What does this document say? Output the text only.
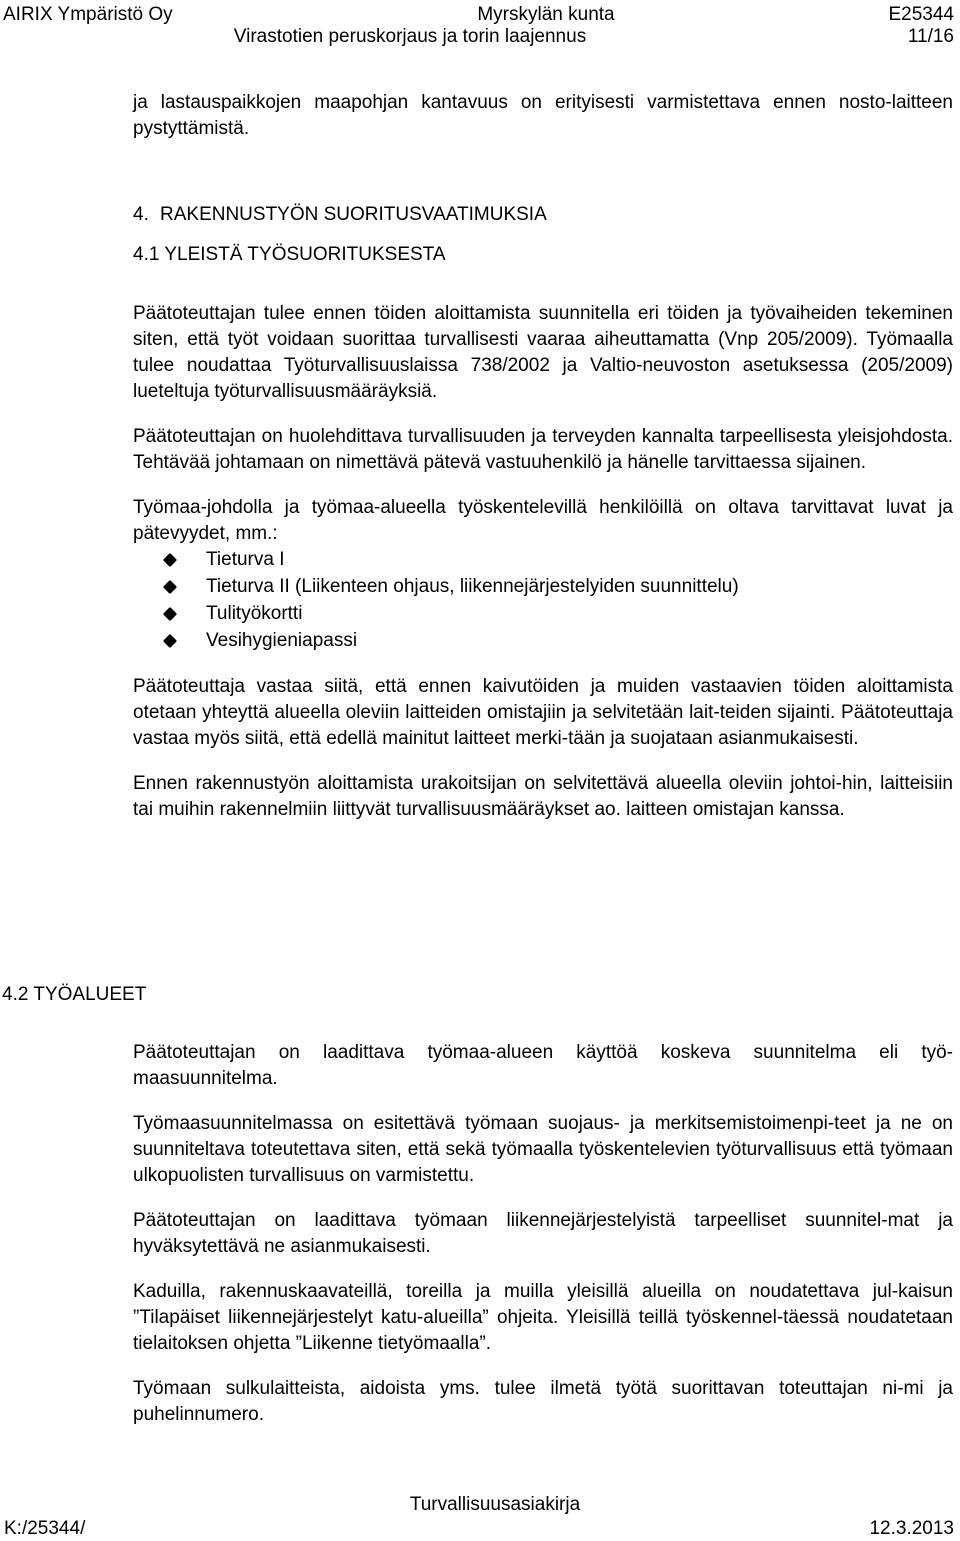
AIRIX Ympäristö Oy	Myrskylän kunta	E25344
Virastotien peruskorjaus ja torin laajennus	11/16

ja lastauspaikkojen maapohjan kantavuus on erityisesti varmistettava ennen nosto-laitteen pystyttämistä.

4. RAKENNUSTYÖN SUORITUSVAATIMUKSIA
4.1 YLEISTÄ TYÖSUORITUKSESTA

Päätoteuttajan tulee ennen töiden aloittamista suunnitella eri töiden ja työvaiheiden tekeminen siten, että työt voidaan suorittaa turvallisesti vaaraa aiheuttamatta (Vnp 205/2009). Työmaalla tulee noudattaa Työturvallisuuslaissa 738/2002 ja Valtio-neuvoston asetuksessa (205/2009) lueteltuja työturvallisuusmääräyksiä.

Päätoteuttajan on huolehdittava turvallisuuden ja terveyden kannalta tarpeellisesta yleisjohdosta. Tehtävää johtamaan on nimettävä pätevä vastuuhenkilö ja hänelle tarvittaessa sijainen.

Työmaa-johdolla ja työmaa-alueella työskentelevillä henkilöillä on oltava tarvittavat luvat ja pätevyydet, mm.:

Tieturva I
Tieturva II (Liikenteen ohjaus, liikennejärjestelyiden suunnittelu)
Tulityökortti
Vesihygieniapassi

Päätoteuttaja vastaa siitä, että ennen kaivutöiden ja muiden vastaavien töiden aloittamista otetaan yhteyttä alueella oleviin laitteiden omistajiin ja selvitetään lait-teiden sijainti. Päätoteuttaja vastaa myös siitä, että edellä mainitut laitteet merki-tään ja suojataan asianmukaisesti.

Ennen rakennustyön aloittamista urakoitsijan on selvitettävä alueella oleviin johtoi-hin, laitteisiin tai muihin rakennelmiin liittyvät turvallisuusmääräykset ao. laitteen omistajan kanssa.

4.2 TYÖALUEET

Päätoteuttajan on laadittava työmaa-alueen käyttöä koskeva suunnitelma eli työ-maasuunnitelma.

Työmaasuunnitelmassa on esitettävä työmaan suojaus- ja merkitsemistoimenpi-teet ja ne on suunniteltava toteutettava siten, että sekä työmaalla työskentelevien työturvallisuus että työmaan ulkopuolisten turvallisuus on varmistettu.

Päätoteuttajan on laadittava työmaan liikennejärjestelyistä tarpeelliset suunnitel-mat ja hyväksytettävä ne asianmukaisesti.

Kaduilla, rakennuskaavateillä, toreilla ja muilla yleisillä alueilla on noudatettava jul-kaisun ”Tilapäiset liikennejärjestelyt katu-alueilla” ohjeita. Yleisillä teillä työskennel-täessä noudatetaan tielaitoksen ohjetta ”Liikenne tietyömaalla”.

Työmaan sulkulaitteista, aidoista yms. tulee ilmetä työtä suorittavan toteuttajan ni-mi ja puhelinnumero.

Turvallisuusasiakirja
K:/25344/	12.3.2013
